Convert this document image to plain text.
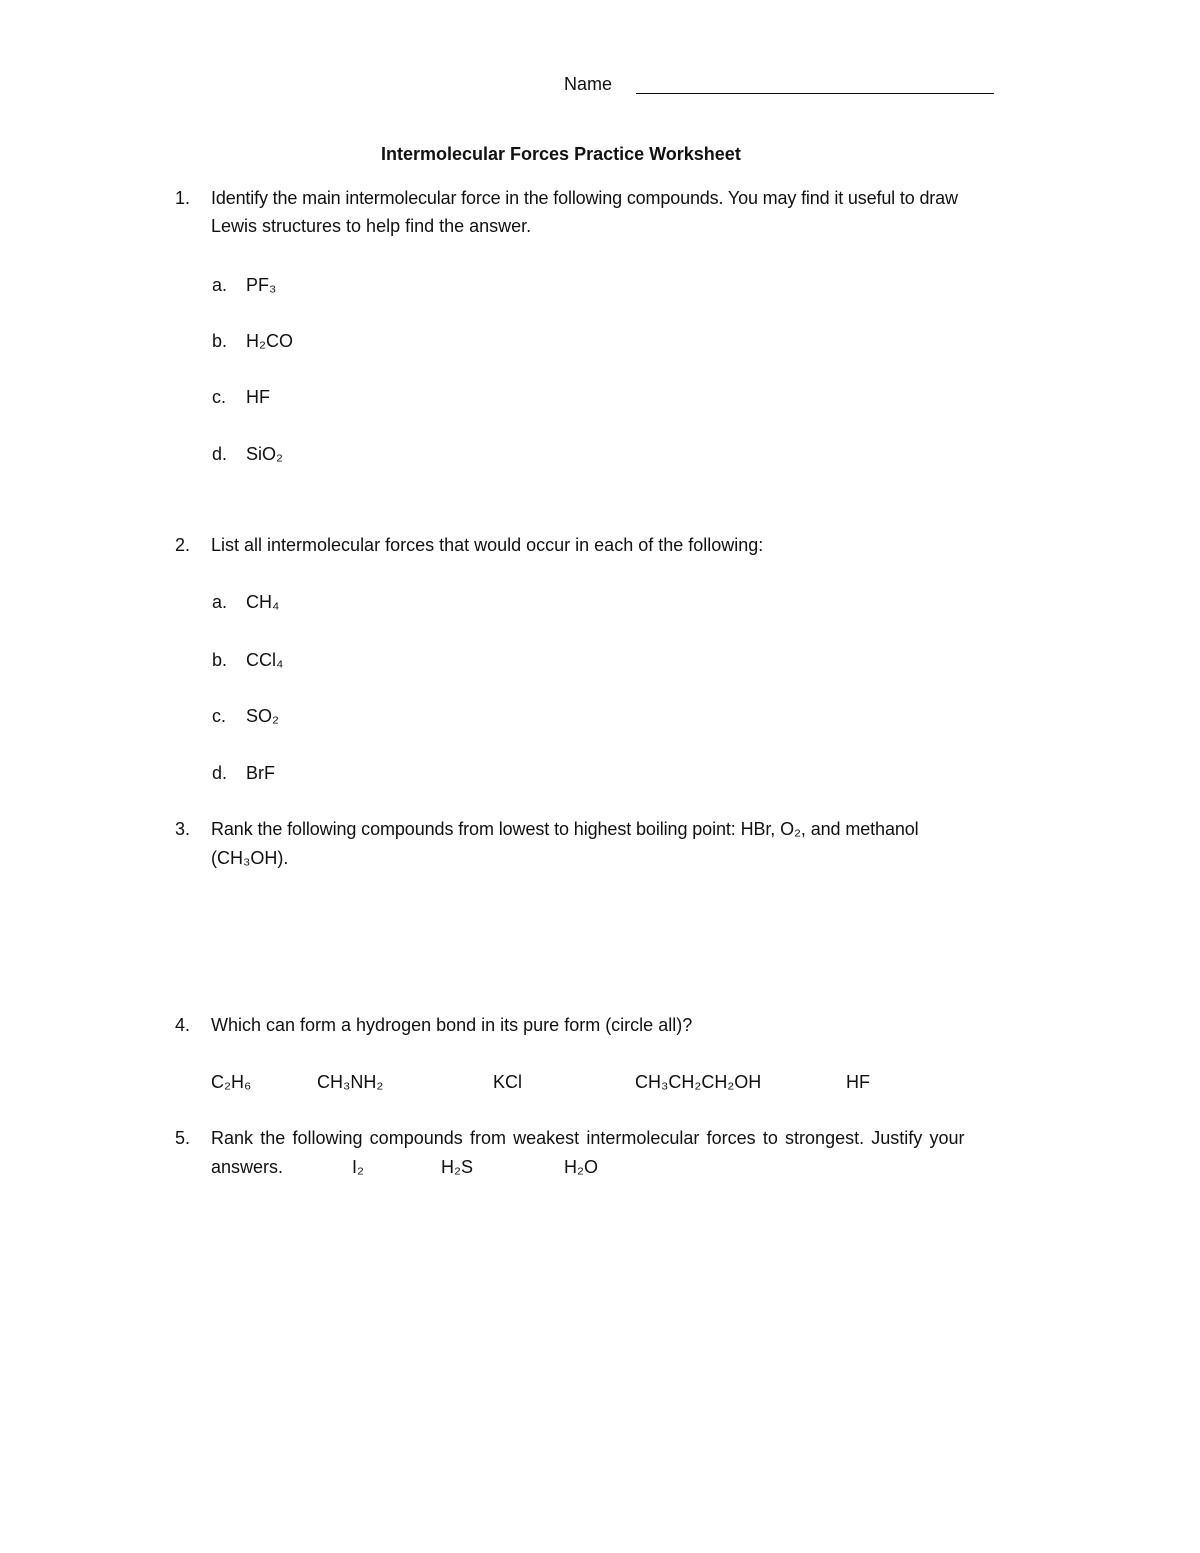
Name
Intermolecular Forces Practice Worksheet
1. Identify the main intermolecular force in the following compounds. You may find it useful to draw
Lewis structures to help find the answer.
a. PF₃
b. H₂CO
c. HF
d. SiO₂
2. List all intermolecular forces that would occur in each of the following:
a. CH₄
b. CCl₄
c. SO₂
d. BrF
3. Rank the following compounds from lowest to highest boiling point: HBr, O₂, and methanol
(CH₃OH).
4. Which can form a hydrogen bond in its pure form (circle all)?
C₂H₆	CH₃NH₂	KCl	CH₃CH₂CH₂OH	HF
5. Rank the following compounds from weakest intermolecular forces to strongest. Justify your
answers.	I₂	H₂S	H₂O
